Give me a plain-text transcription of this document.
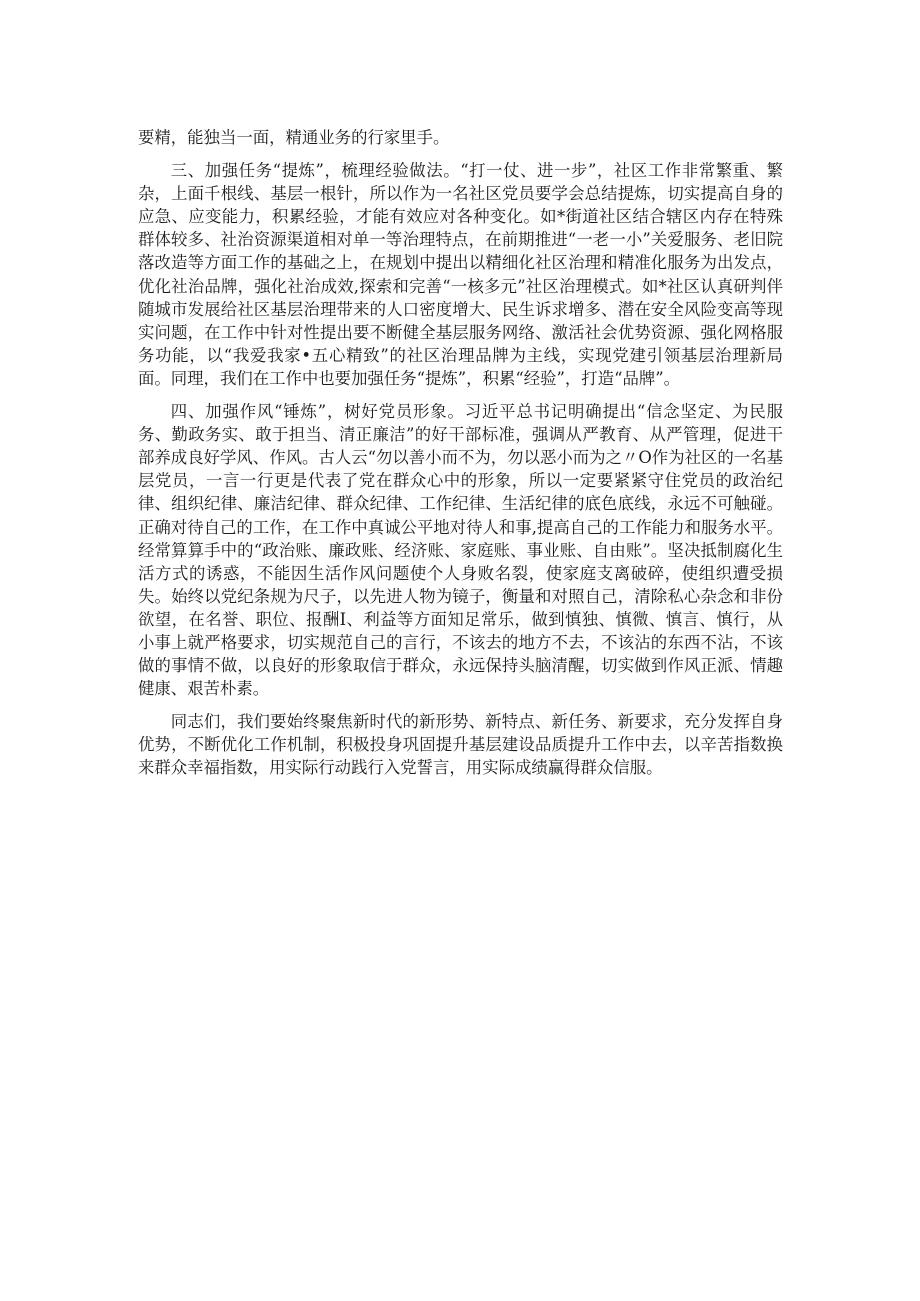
要精，能独当一面，精通业务的行家里手。

三、加强任务“提炼”，梳理经验做法。“打一仗、进一步”，社区工作非常繁重、繁杂，上面千根线、基层一根针，所以作为一名社区党员要学会总结提炼，切实提高自身的应急、应变能力，积累经验，才能有效应对各种变化。如*街道社区结合辖区内存在特殊群体较多、社治资源渠道相对单一等治理特点，在前期推进“一老一小”关爱服务、老旧院落改造等方面工作的基础之上，在规划中提出以精细化社区治理和精准化服务为出发点，优化社治品牌，强化社治成效,探索和完善“一核多元”社区治理模式。如*社区认真研判伴随城市发展给社区基层治理带来的人口密度增大、民生诉求增多、潜在安全风险变高等现实问题，在工作中针对性提出要不断健全基层服务网络、激活社会优势资源、强化网格服务功能，以“我爱我家•五心精致”的社区治理品牌为主线，实现党建引领基层治理新局面。同理，我们在工作中也要加强任务“提炼”，积累“经验”，打造“品牌”。

四、加强作风“锤炼”，树好党员形象。习近平总书记明确提出“信念坚定、为民服务、勤政务实、敢于担当、清正廉洁”的好干部标准，强调从严教育、从严管理，促进干部养成良好学风、作风。古人云“勿以善小而不为，勿以恶小而为之〃O作为社区的一名基层党员，一言一行更是代表了党在群众心中的形象，所以一定要紧紧守住党员的政治纪律、组织纪律、廉洁纪律、群众纪律、工作纪律、生活纪律的底色底线，永远不可触碰。正确对待自己的工作，在工作中真诚公平地对待人和事,提高自己的工作能力和服务水平。经常算算手中的“政治账、廉政账、经济账、家庭账、事业账、自由账”。坚决抵制腐化生活方式的诱惑，不能因生活作风问题使个人身败名裂，使家庭支离破碎，使组织遭受损失。始终以党纪条规为尺子，以先进人物为镜子，衡量和对照自己，清除私心杂念和非份欲望，在名誉、职位、报酬I、利益等方面知足常乐，做到慎独、慎微、慎言、慎行，从小事上就严格要求，切实规范自己的言行，不该去的地方不去，不该沾的东西不沾，不该做的事情不做，以良好的形象取信于群众，永远保持头脑清醒，切实做到作风正派、情趣健康、艰苦朴素。

同志们，我们要始终聚焦新时代的新形势、新特点、新任务、新要求，充分发挥自身优势，不断优化工作机制，积极投身巩固提升基层建设品质提升工作中去，以辛苦指数换来群众幸福指数，用实际行动践行入党誓言，用实际成绩赢得群众信服。
